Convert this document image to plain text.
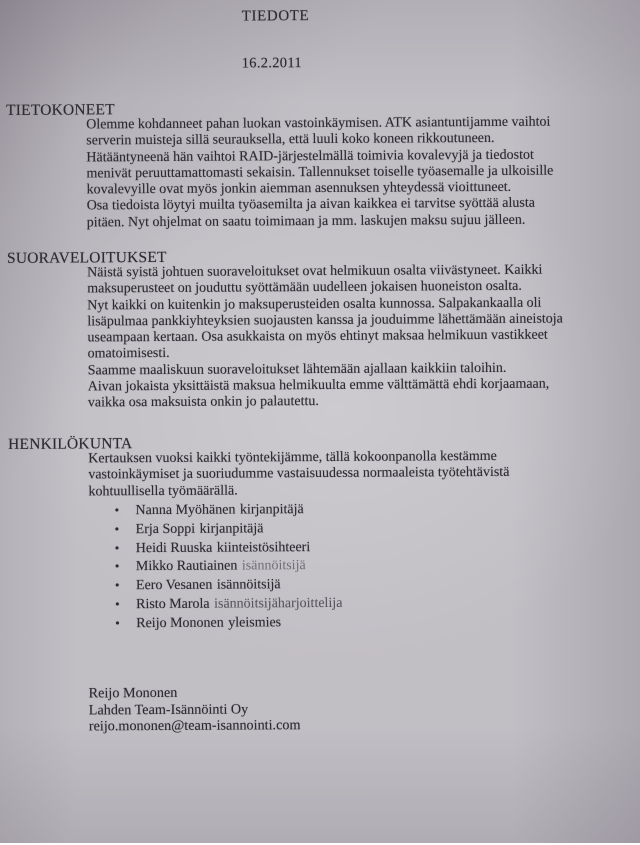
TIEDOTE
16.2.2011
TIETOKONEET
Olemme kohdanneet pahan luokan vastoinkäymisen. ATK asiantuntijamme vaihtoi
serverin muisteja sillä seurauksella, että luuli koko koneen rikkoutuneen.
Hätääntyneenä hän vaihtoi RAID-järjestelmällä toimivia kovalevyjä ja tiedostot
menivät peruuttamattomasti sekaisin. Tallennukset toiselle työasemalle ja ulkoisille
kovalevyille ovat myös jonkin aiemman asennuksen yhteydessä vioittuneet.
Osa tiedoista löytyi muilta työasemilta ja aivan kaikkea ei tarvitse syöttää alusta
pitäen. Nyt ohjelmat on saatu toimimaan ja mm. laskujen maksu sujuu jälleen.
SUORAVELOITUKSET
Näistä syistä johtuen suoraveloitukset ovat helmikuun osalta viivästyneet. Kaikki
maksuperusteet on jouduttu syöttämään uudelleen jokaisen huoneiston osalta.
Nyt kaikki on kuitenkin jo maksuperusteiden osalta kunnossa. Salpakankaalla oli
lisäpulmaa pankkiyhteyksien suojausten kanssa ja jouduimme lähettämään aineistoja
useampaan kertaan. Osa asukkaista on myös ehtinyt maksaa helmikuun vastikkeet
omatoimisesti.
Saamme maaliskuun suoraveloitukset lähtemään ajallaan kaikkiin taloihin.
Aivan jokaista yksittäistä maksua helmikuulta emme välttämättä ehdi korjaamaan,
vaikka osa maksuista onkin jo palautettu.
HENKILÖKUNTA
Kertauksen vuoksi kaikki työntekijämme, tällä kokoonpanolla kestämme
vastoinkäymiset ja suoriudumme vastaisuudessa normaaleista työtehtävistä
kohtuullisella työmäärällä.
• Nanna Myöhänen kirjanpitäjä
• Erja Soppi kirjanpitäjä
• Heidi Ruuska kiinteistösihteeri
• Mikko Rautiainen isännöitsijä
• Eero Vesanen isännöitsijä
• Risto Marola isännöitsijäharjoittelija
• Reijo Mononen yleismies
Reijo Mononen
Lahden Team-Isännöinti Oy
reijo.mononen@team-isannointi.com
